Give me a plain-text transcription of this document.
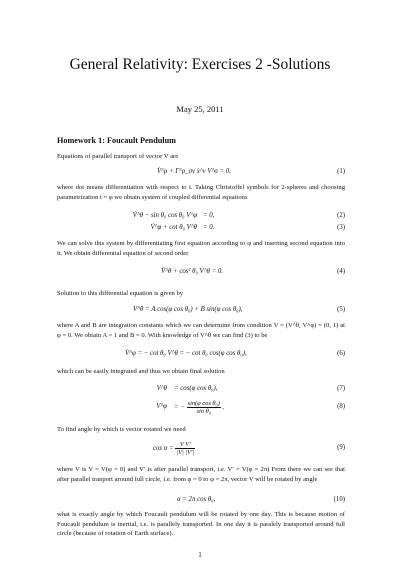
General Relativity: Exercises 2 -Solutions
May 25, 2011
Homework 1: Foucault Pendulum
Equations of parallel transport of vector V are
V̇^ρ + Γ^ρ_σν ẋ^ν V^σ = 0,	(1)
where dot means differentiation with respect to t. Taking Christoffel symbols for 2-spheres and choosing parametrization t = φ we obtain system of coupled differential equations
V̇^θ − sin θ₀ cos θ₀ V^φ = 0,	(2)
V̇^φ + cot θ₀ V^θ = 0.	(3)
We can solve this system by differentiating first equation according to φ and inserting second equation into it. We obtain differential equation of second order
V̈^θ + cos² θ₀ V^θ = 0.	(4)
Solution to this differential equation is given by
V^θ = A cos(φ cos θ₀) + B sin(φ cos θ₀),	(5)
where A and B are integration constants which we can determine from condition V = (V^θ, V^φ) = (0, 1) at φ = 0. We obtain A = 1 and B = 0. With knowledge of V^θ we can find (3) to be
V̇^φ = − cot θ₀ V^θ = − cot θ₀ cos(φ cos θ₀),	(6)
which can be easily integrated and thus we obtain final solution
V^θ = cos(φ cos θ₀),	(7)
V^φ = − $\frac{\text{sin(φ cos θ₀)}}{\text{sin θ₀}}$ .	(8)
To find angle by which is vector rotated we need
$\cos \alpha = \frac{\text{V V′}}{|V| |V'|}$	(9)
where V is V = V(φ = 0) and V′ is after parallel transport, i.e. V′ = V(φ = 2π) From there we can see that after parallel tranport around full circle, i.e. from φ = 0 to φ = 2π, vector V will be rotated by angle
α = 2π cos θ₀,	(10)
what is exactly angle by which Foucault pendulum will be rotated by one day. This is because motion of Foucault pendulum is inertial, i.e. is parallely transported. In one day it is paralely transported around full circle (because of rotation of Earth surface).
1
